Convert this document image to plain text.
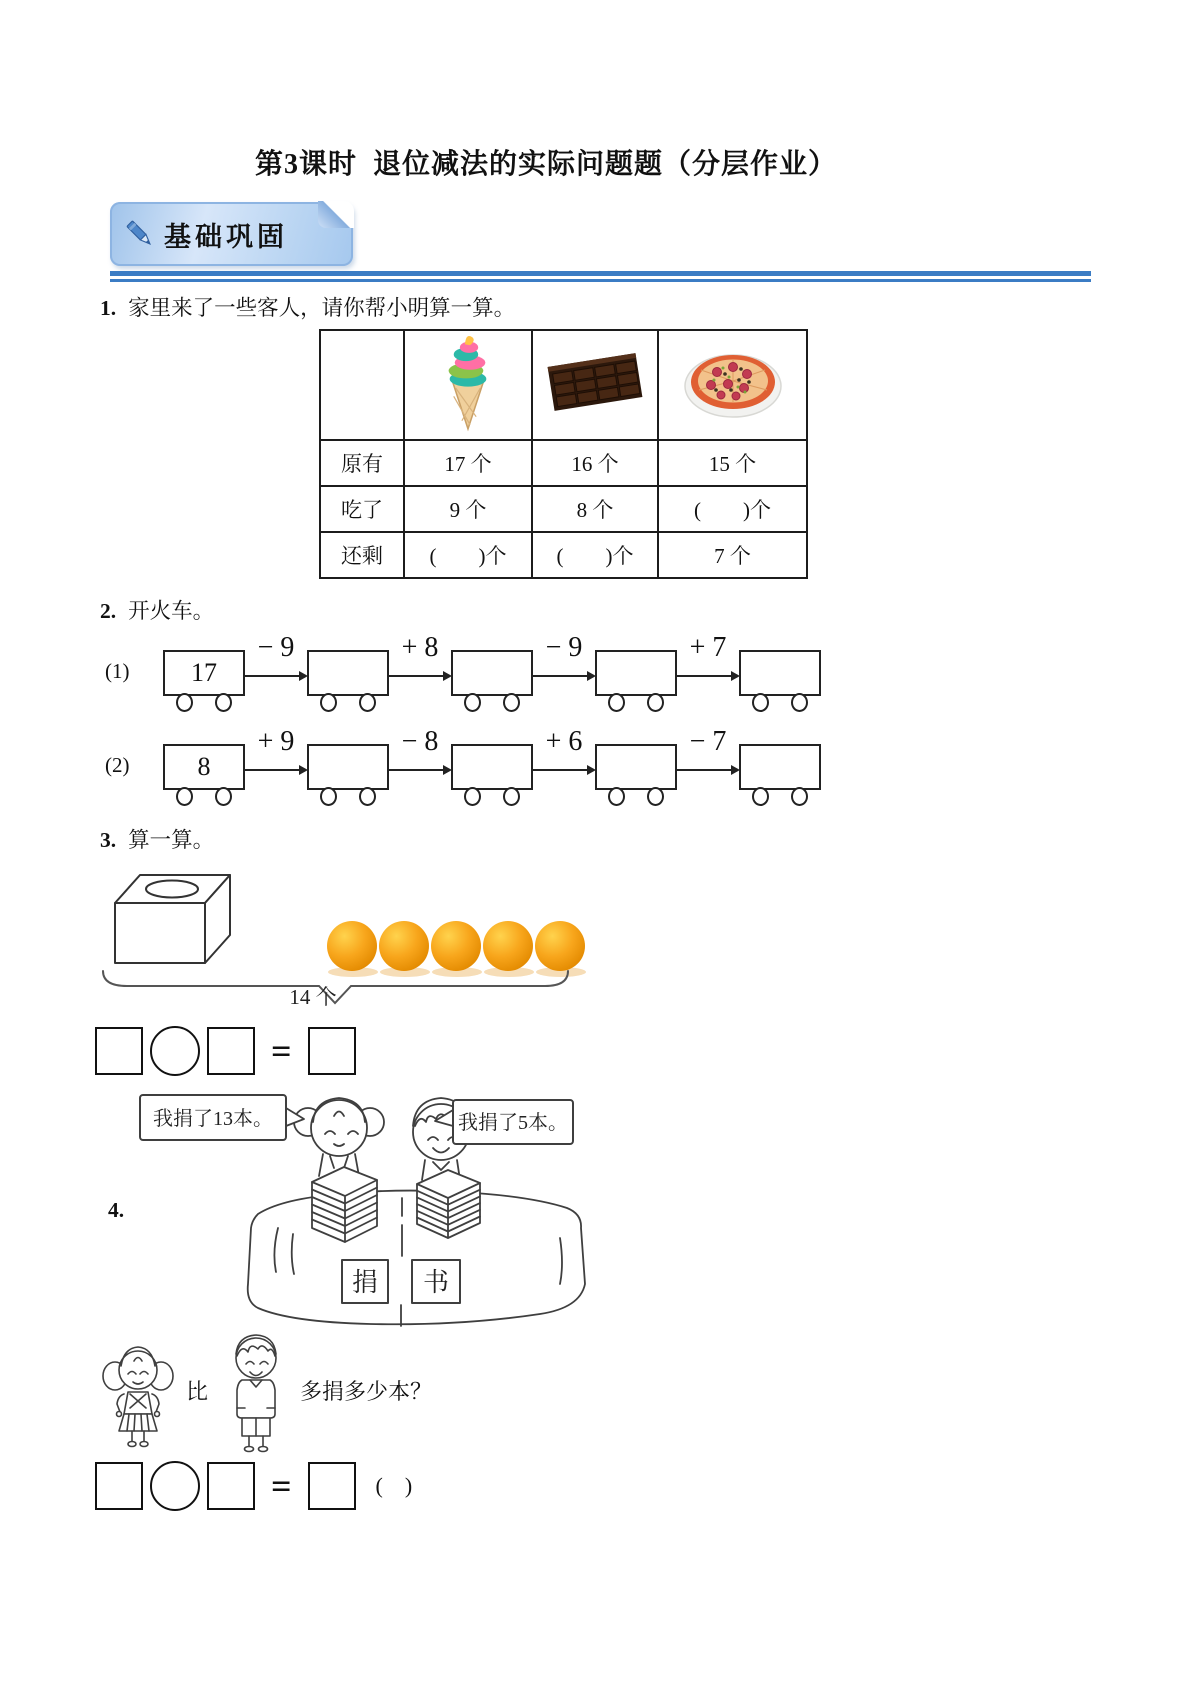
第3课时  退位减法的实际问题题（分层作业）
基础巩固
1. 家里来了一些客人，请你帮小明算一算。

原有	17 个	16 个	15 个
吃了	9 个	8 个	(        )个
还剩	(        )个	(        )个	7 个
2. 开火车。
(1)	17
− 9	+ 8	− 9	+ 7
(2)	8
+ 9	− 8	+ 6	− 7
3. 算一算。
14 个
=
4.
我捐了13本。	我捐了5本。
捐 书
比	多捐多少本？
=	(    )
